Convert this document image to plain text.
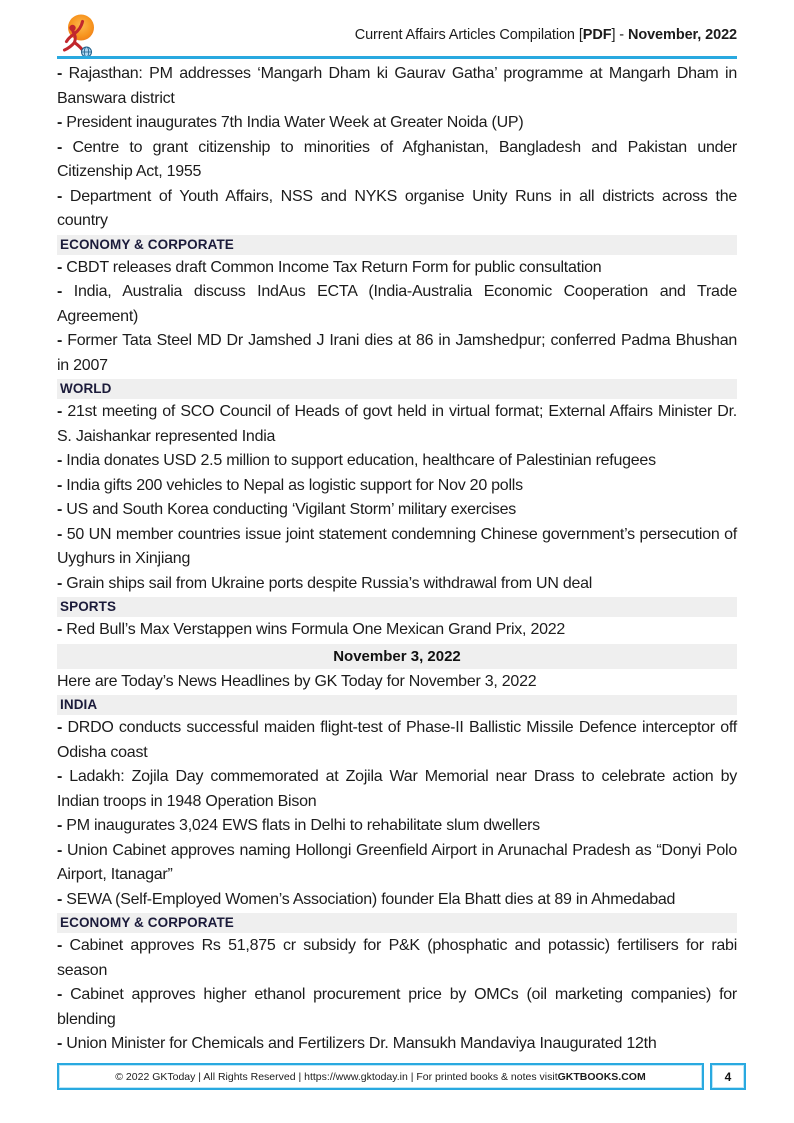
Current Affairs Articles Compilation [PDF] - November, 2022

- Rajasthan: PM addresses ‘Mangarh Dham ki Gaurav Gatha’ programme at Mangarh Dham in Banswara district

- President inaugurates 7th India Water Week at Greater Noida (UP)

- Centre to grant citizenship to minorities of Afghanistan, Bangladesh and Pakistan under Citizenship Act, 1955

- Department of Youth Affairs, NSS and NYKS organise Unity Runs in all districts across the country

ECONOMY & CORPORATE

- CBDT releases draft Common Income Tax Return Form for public consultation

- India, Australia discuss IndAus ECTA (India-Australia Economic Cooperation and Trade Agreement)

- Former Tata Steel MD Dr Jamshed J Irani dies at 86 in Jamshedpur; conferred Padma Bhushan in 2007

WORLD

- 21st meeting of SCO Council of Heads of govt held in virtual format; External Affairs Minister Dr. S. Jaishankar represented India

- India donates USD 2.5 million to support education, healthcare of Palestinian refugees

- India gifts 200 vehicles to Nepal as logistic support for Nov 20 polls

- US and South Korea conducting ‘Vigilant Storm’ military exercises

- 50 UN member countries issue joint statement condemning Chinese government’s persecution of Uyghurs in Xinjiang

- Grain ships sail from Ukraine ports despite Russia’s withdrawal from UN deal

SPORTS

- Red Bull’s Max Verstappen wins Formula One Mexican Grand Prix, 2022

November 3, 2022

Here are Today’s News Headlines by GK Today for November 3, 2022

INDIA

- DRDO conducts successful maiden flight-test of Phase-II Ballistic Missile Defence interceptor off Odisha coast

- Ladakh: Zojila Day commemorated at Zojila War Memorial near Drass to celebrate action by Indian troops in 1948 Operation Bison

- PM inaugurates 3,024 EWS flats in Delhi to rehabilitate slum dwellers

- Union Cabinet approves naming Hollongi Greenfield Airport in Arunachal Pradesh as “Donyi Polo Airport, Itanagar”

- SEWA (Self-Employed Women’s Association) founder Ela Bhatt dies at 89 in Ahmedabad

ECONOMY & CORPORATE

- Cabinet approves Rs 51,875 cr subsidy for P&K (phosphatic and potassic) fertilisers for rabi season

- Cabinet approves higher ethanol procurement price by OMCs (oil marketing companies) for blending

- Union Minister for Chemicals and Fertilizers Dr. Mansukh Mandaviya Inaugurated 12th

© 2022 GKToday | All Rights Reserved | https://www.gktoday.in | For printed books & notes visit GKTBOOKS.COM	4
